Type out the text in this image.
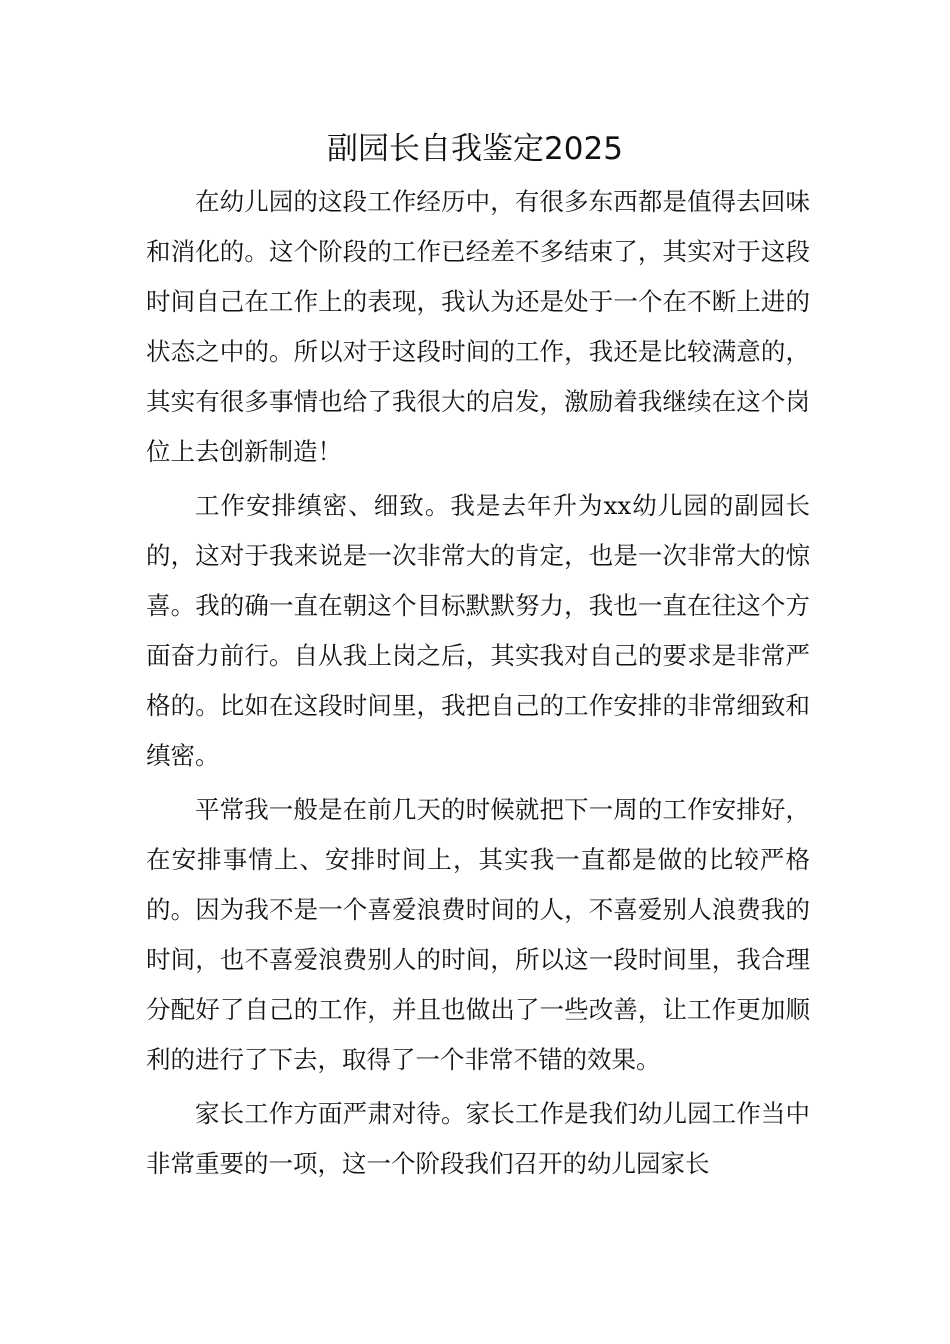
副园长自我鉴定2025

在幼儿园的这段工作经历中，有很多东西都是值得去回味和消化的。这个阶段的工作已经差不多结束了，其实对于这段时间自己在工作上的表现，我认为还是处于一个在不断上进的状态之中的。所以对于这段时间的工作，我还是比较满意的，其实有很多事情也给了我很大的启发，激励着我继续在这个岗位上去创新制造！

工作安排缜密、细致。我是去年升为xx幼儿园的副园长的，这对于我来说是一次非常大的肯定，也是一次非常大的惊喜。我的确一直在朝这个目标默默努力，我也一直在往这个方面奋力前行。自从我上岗之后，其实我对自己的要求是非常严格的。比如在这段时间里，我把自己的工作安排的非常细致和缜密。

平常我一般是在前几天的时候就把下一周的工作安排好，在安排事情上、安排时间上，其实我一直都是做的比较严格的。因为我不是一个喜爱浪费时间的人，不喜爱别人浪费我的时间，也不喜爱浪费别人的时间，所以这一段时间里，我合理分配好了自己的工作，并且也做出了一些改善，让工作更加顺利的进行了下去，取得了一个非常不错的效果。

家长工作方面严肃对待。家长工作是我们幼儿园工作当中非常重要的一项，这一个阶段我们召开的幼儿园家长
